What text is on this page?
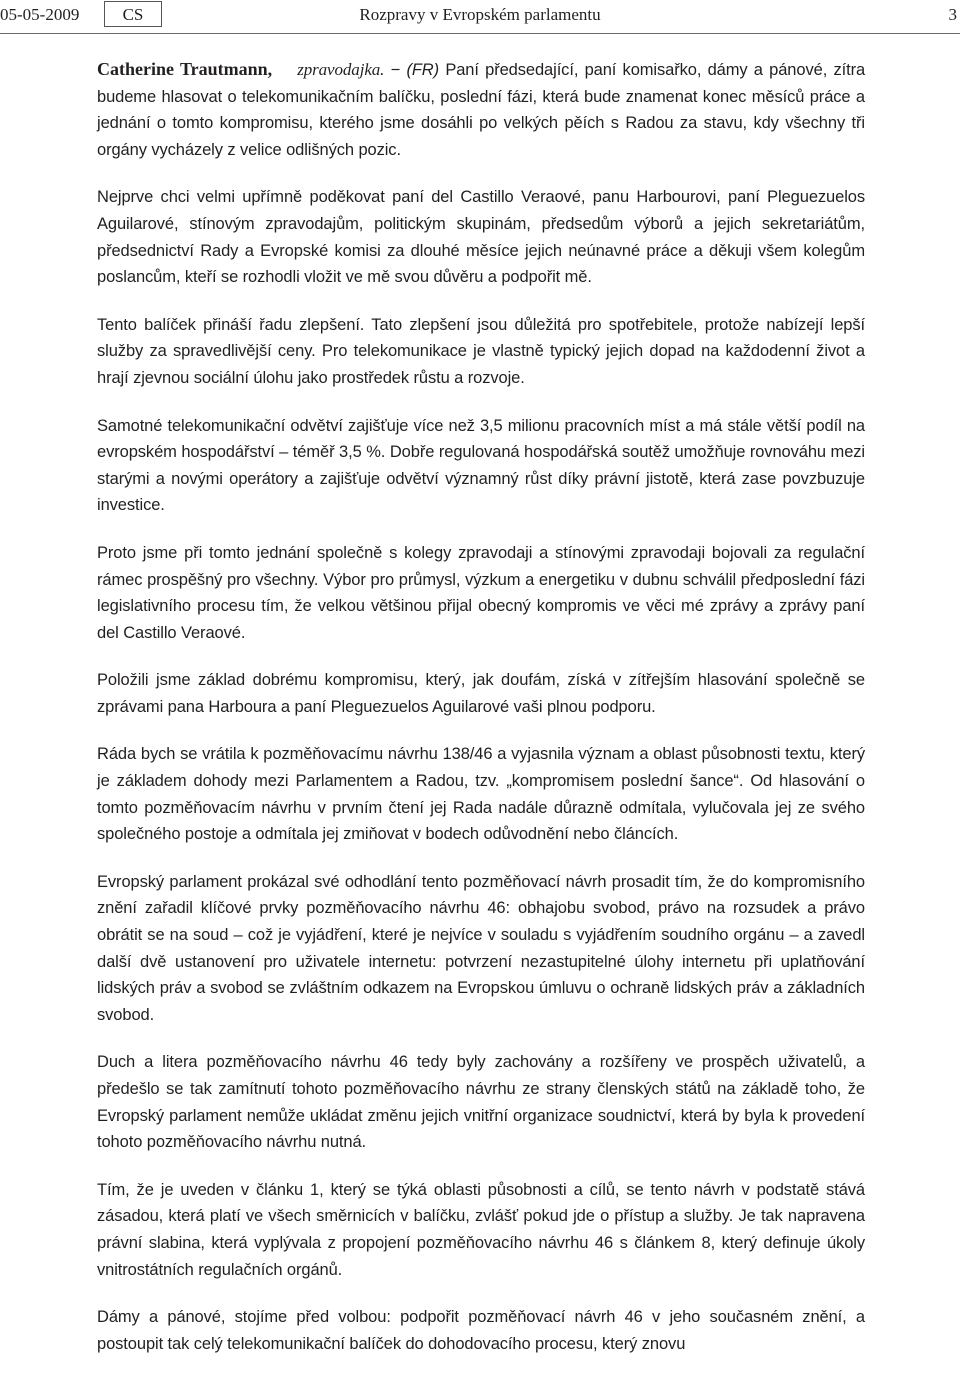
05-05-2009	CS	Rozpravy v Evropském parlamentu	3

Catherine Trautmann, zpravodajka. − (FR) Paní předsedající, paní komisařko, dámy a pánové, zítra budeme hlasovat o telekomunikačním balíčku, poslední fázi, která bude znamenat konec měsíců práce a jednání o tomto kompromisu, kterého jsme dosáhli po velkých pěích s Radou za stavu, kdy všechny tři orgány vycházely z velice odlišných pozic.

Nejprve chci velmi upřímně poděkovat paní del Castillo Veraové, panu Harbourovi, paní Pleguezuelos Aguilarové, stínovým zpravodajům, politickým skupinám, předsedům výborů a jejich sekretariátům, předsednictví Rady a Evropské komisi za dlouhé měsíce jejich neúnavné práce a děkuji všem kolegům poslancům, kteří se rozhodli vložit ve mě svou důvěru a podpořit mě.

Tento balíček přináší řadu zlepšení. Tato zlepšení jsou důležitá pro spotřebitele, protože nabízejí lepší služby za spravedlivější ceny. Pro telekomunikace je vlastně typický jejich dopad na každodenní život a hrají zjevnou sociální úlohu jako prostředek růstu a rozvoje.

Samotné telekomunikační odvětví zajišťuje více než 3,5 milionu pracovních míst a má stále větší podíl na evropském hospodářství – téměř 3,5 %. Dobře regulovaná hospodářská soutěž umožňuje rovnováhu mezi starými a novými operátory a zajišťuje odvětví významný růst díky právní jistotě, která zase povzbuzuje investice.

Proto jsme při tomto jednání společně s kolegy zpravodaji a stínovými zpravodaji bojovali za regulační rámec prospěšný pro všechny. Výbor pro průmysl, výzkum a energetiku v dubnu schválil předposlední fázi legislativního procesu tím, že velkou většinou přijal obecný kompromis ve věci mé zprávy a zprávy paní del Castillo Veraové.

Položili jsme základ dobrému kompromisu, který, jak doufám, získá v zítřejším hlasování společně se zprávami pana Harboura a paní Pleguezuelos Aguilarové vaši plnou podporu.

Ráda bych se vrátila k pozměňovacímu návrhu 138/46 a vyjasnila význam a oblast působnosti textu, který je základem dohody mezi Parlamentem a Radou, tzv. „kompromisem poslední šance“. Od hlasování o tomto pozměňovacím návrhu v prvním čtení jej Rada nadále důrazně odmítala, vylučovala jej ze svého společného postoje a odmítala jej zmiňovat v bodech odůvodnění nebo článcích.

Evropský parlament prokázal své odhodlání tento pozměňovací návrh prosadit tím, že do kompromisního znění zařadil klíčové prvky pozměňovacího návrhu 46: obhajobu svobod, právo na rozsudek a právo obrátit se na soud – což je vyjádření, které je nejvíce v souladu s vyjádřením soudního orgánu – a zavedl další dvě ustanovení pro uživatele internetu: potvrzení nezastupitelné úlohy internetu při uplatňování lidských práv a svobod se zvláštním odkazem na Evropskou úmluvu o ochraně lidských práv a základních svobod.

Duch a litera pozměňovacího návrhu 46 tedy byly zachovány a rozšířeny ve prospěch uživatelů, a předešlo se tak zamítnutí tohoto pozměňovacího návrhu ze strany členských států na základě toho, že Evropský parlament nemůže ukládat změnu jejich vnitřní organizace soudnictví, která by byla k provedení tohoto pozměňovacího návrhu nutná.

Tím, že je uveden v článku 1, který se týká oblasti působnosti a cílů, se tento návrh v podstatě stává zásadou, která platí ve všech směrnicích v balíčku, zvlášť pokud jde o přístup a služby. Je tak napravena právní slabina, která vyplývala z propojení pozměňovacího návrhu 46 s článkem 8, který definuje úkoly vnitrostátních regulačních orgánů.

Dámy a pánové, stojíme před volbou: podpořit pozměňovací návrh 46 v jeho současném znění, a postoupit tak celý telekomunikační balíček do dohodovacího procesu, který znovu
